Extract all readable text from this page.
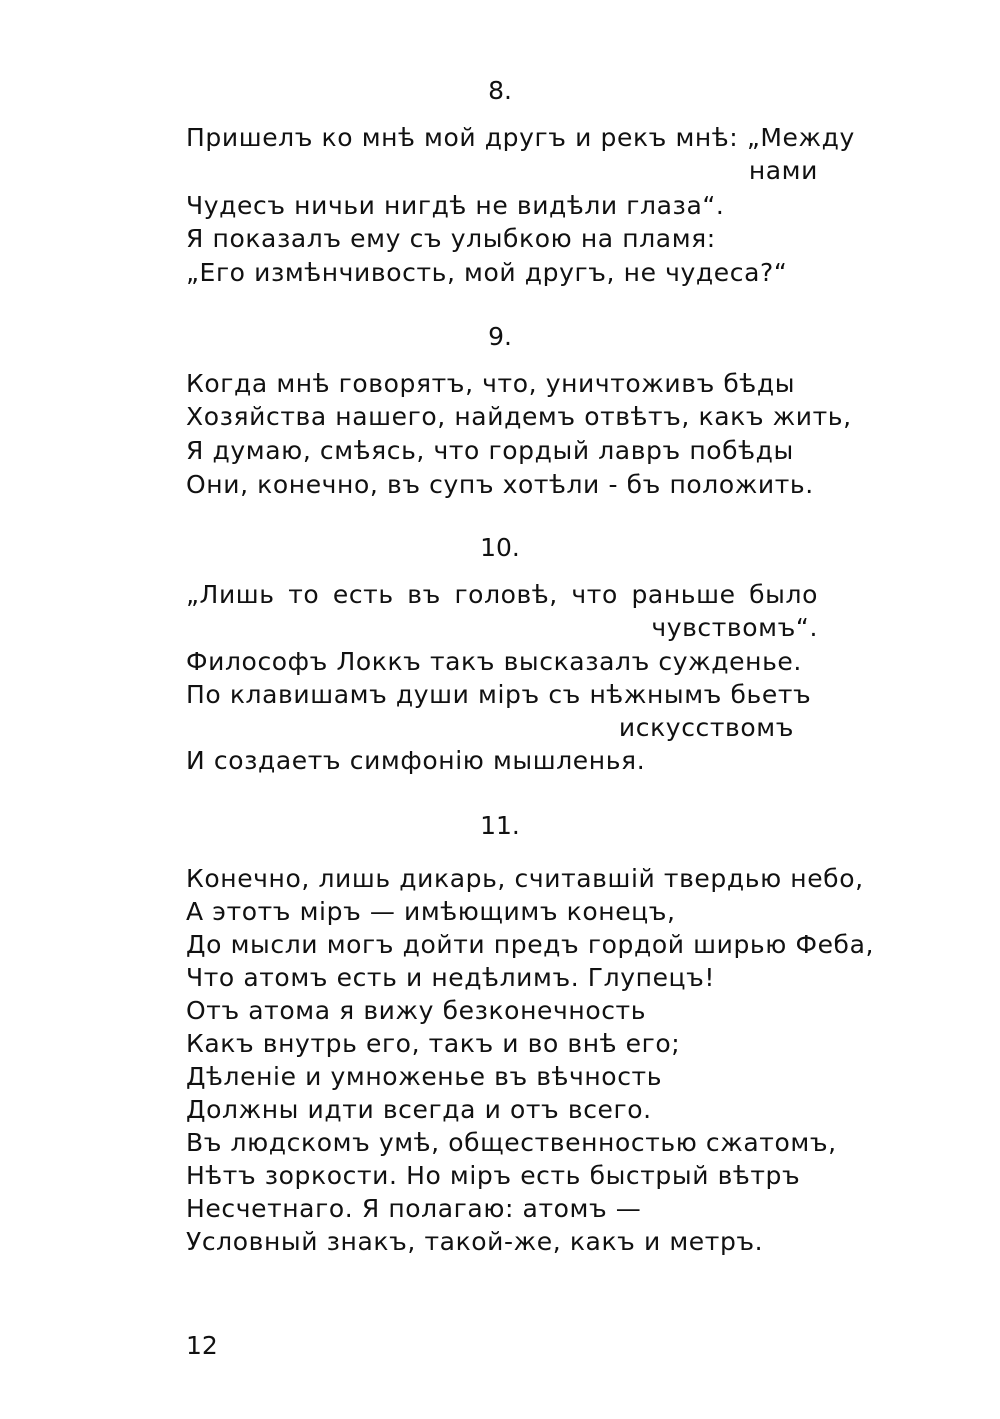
8.
Пришелъ ко мнѣ мой другъ и рекъ мнѣ: „Между
нами
Чудесъ ничьи нигдѣ не видѣли глаза“.
Я показалъ ему съ улыбкою на пламя:
„Его измѣнчивость, мой другъ, не чудеса?“
9.
Когда мнѣ говорятъ, что, уничтоживъ бѣды
Хозяйства нашего, найдемъ отвѣтъ, какъ жить,
Я думаю, смѣясь, что гордый лавръ побѣды
Они, конечно, въ супъ хотѣли - бъ положить.
10.
„Лишь то есть въ головѣ, что раньше было
чувствомъ“.
Философъ Локкъ такъ высказалъ сужденье.
По клавишамъ души міръ съ нѣжнымъ бьетъ
искусствомъ
И создаетъ симфонію мышленья.
11.
Конечно, лишь дикарь, считавшій твердью небо,
А этотъ міръ — имѣющимъ конецъ,
До мысли могъ дойти предъ гордой ширью Феба,
Что атомъ есть и недѣлимъ. Глупецъ!
Отъ атома я вижу безконечность
Какъ внутрь его, такъ и во внѣ его;
Дѣленіе и умноженье въ вѣчность
Должны идти всегда и отъ всего.
Въ людскомъ умѣ, общественностью сжатомъ,
Нѣтъ зоркости. Но міръ есть быстрый вѣтръ
Несчетнаго. Я полагаю: атомъ —
Условный знакъ, такой-же, какъ и метръ.
12
